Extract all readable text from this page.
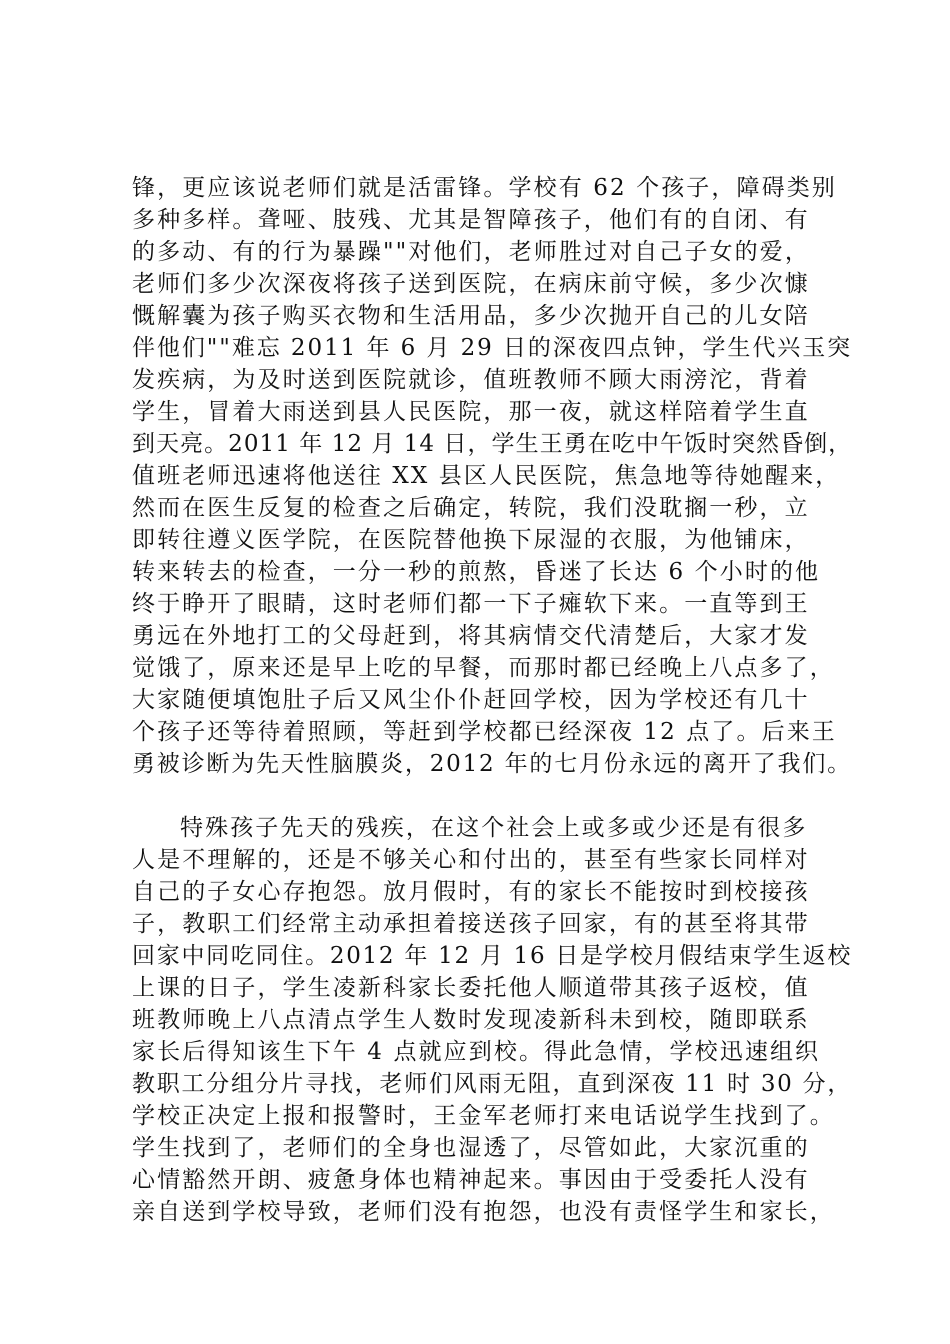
锋，更应该说老师们就是活雷锋。学校有 62 个孩子，障碍类别
多种多样。聋哑、肢残、尤其是智障孩子，他们有的自闭、有
的多动、有的行为暴躁""对他们，老师胜过对自己子女的爱，
老师们多少次深夜将孩子送到医院，在病床前守候，多少次慷
慨解囊为孩子购买衣物和生活用品，多少次抛开自己的儿女陪
伴他们""难忘 2011 年 6 月 29 日的深夜四点钟，学生代兴玉突
发疾病，为及时送到医院就诊，值班教师不顾大雨滂沱，背着
学生，冒着大雨送到县人民医院，那一夜，就这样陪着学生直
到天亮。2011 年 12 月 14 日，学生王勇在吃中午饭时突然昏倒，
值班老师迅速将他送往 XX 县区人民医院，焦急地等待她醒来，
然而在医生反复的检查之后确定，转院，我们没耽搁一秒，立
即转往遵义医学院，在医院替他换下尿湿的衣服，为他铺床，
转来转去的检查，一分一秒的煎熬，昏迷了长达 6 个小时的他
终于睁开了眼睛，这时老师们都一下子瘫软下来。一直等到王
勇远在外地打工的父母赶到，将其病情交代清楚后，大家才发
觉饿了，原来还是早上吃的早餐，而那时都已经晚上八点多了，
大家随便填饱肚子后又风尘仆仆赶回学校，因为学校还有几十
个孩子还等待着照顾，等赶到学校都已经深夜 12 点了。后来王
勇被诊断为先天性脑膜炎，2012 年的七月份永远的离开了我们。
特殊孩子先天的残疾，在这个社会上或多或少还是有很多
人是不理解的，还是不够关心和付出的，甚至有些家长同样对
自己的子女心存抱怨。放月假时，有的家长不能按时到校接孩
子，教职工们经常主动承担着接送孩子回家，有的甚至将其带
回家中同吃同住。2012 年 12 月 16 日是学校月假结束学生返校
上课的日子，学生凌新科家长委托他人顺道带其孩子返校，值
班教师晚上八点清点学生人数时发现凌新科未到校，随即联系
家长后得知该生下午 4 点就应到校。得此急情，学校迅速组织
教职工分组分片寻找，老师们风雨无阻，直到深夜 11 时 30 分，
学校正决定上报和报警时，王金军老师打来电话说学生找到了。
学生找到了，老师们的全身也湿透了，尽管如此，大家沉重的
心情豁然开朗、疲惫身体也精神起来。事因由于受委托人没有
亲自送到学校导致，老师们没有抱怨，也没有责怪学生和家长，
